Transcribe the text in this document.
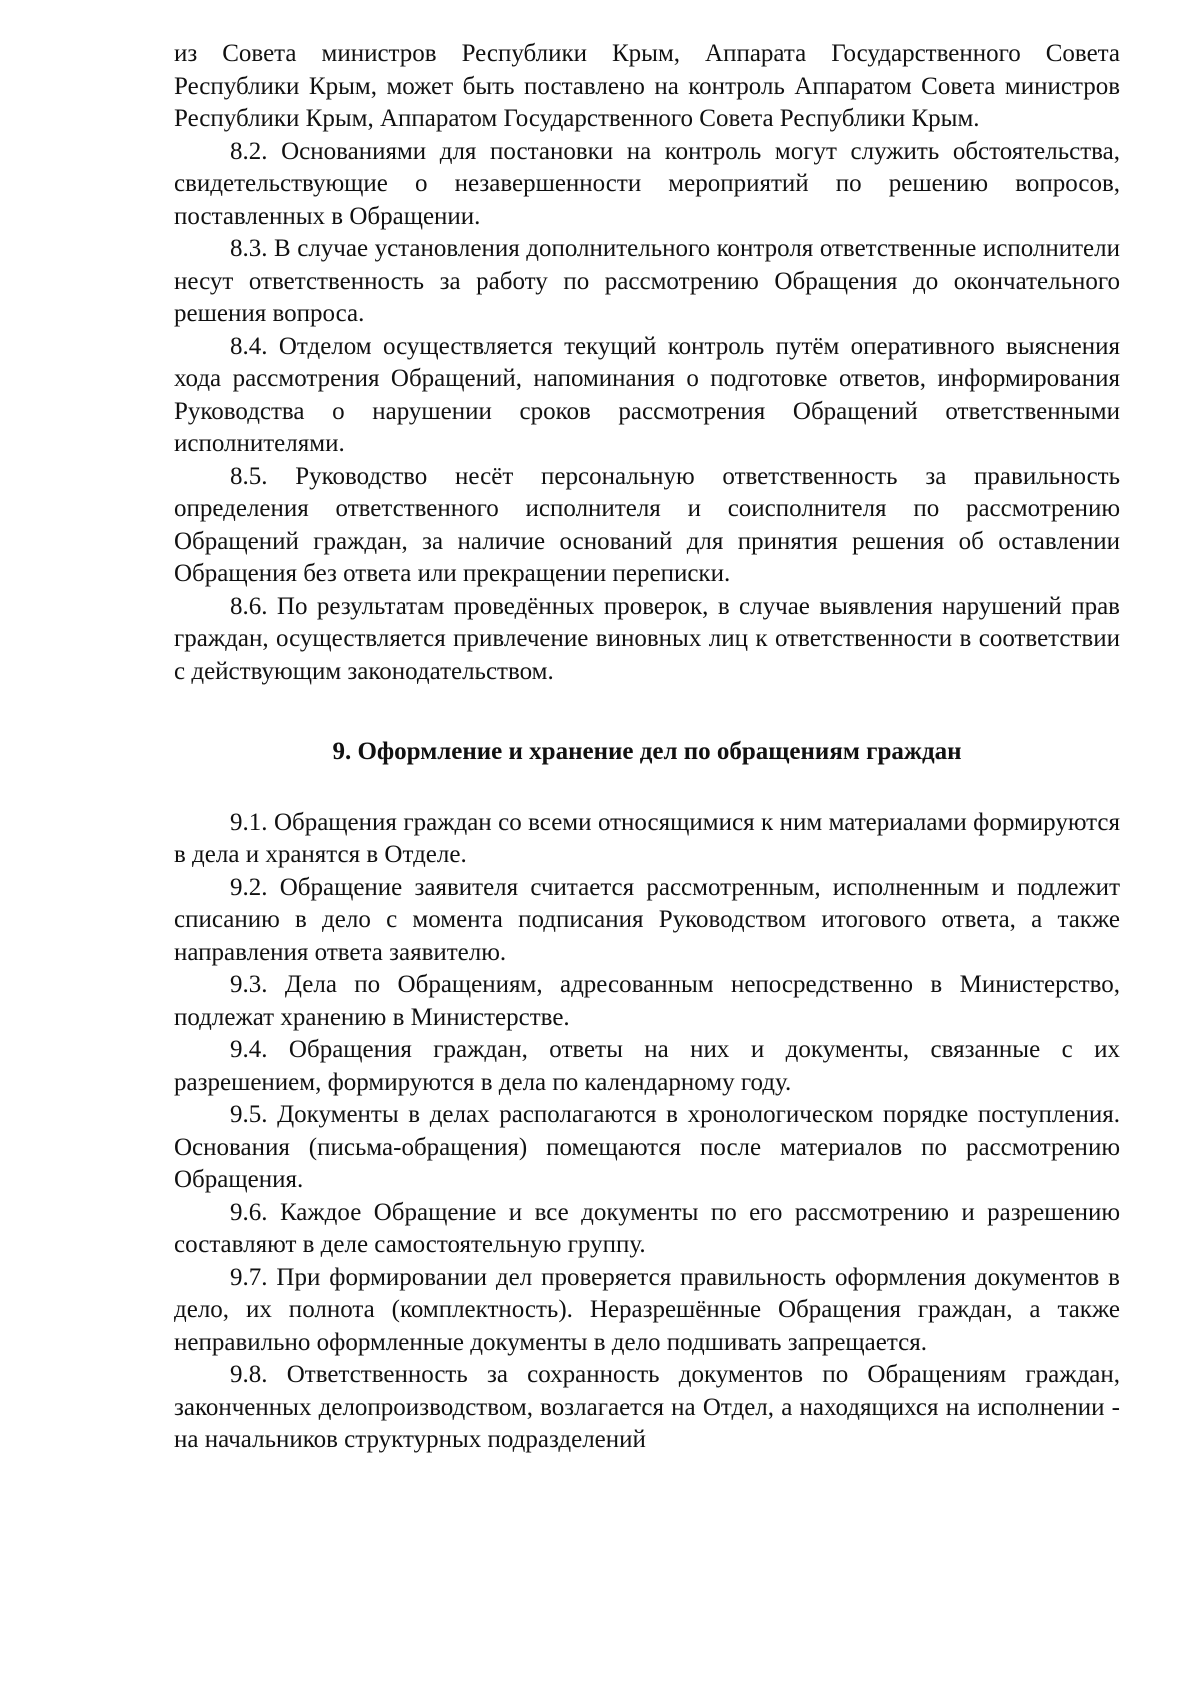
из Совета министров Республики Крым, Аппарата Государственного Совета Республики Крым, может быть поставлено на контроль Аппаратом Совета министров Республики Крым, Аппаратом Государственного Совета Республики Крым.

8.2. Основаниями для постановки на контроль могут служить обстоятельства, свидетельствующие о незавершенности мероприятий по решению вопросов, поставленных в Обращении.

8.3. В случае установления дополнительного контроля ответственные исполнители несут ответственность за работу по рассмотрению Обращения до окончательного решения вопроса.

8.4. Отделом осуществляется текущий контроль путём оперативного выяснения хода рассмотрения Обращений, напоминания о подготовке ответов, информирования Руководства о нарушении сроков рассмотрения Обращений ответственными исполнителями.

8.5. Руководство несёт персональную ответственность за правильность определения ответственного исполнителя и соисполнителя по рассмотрению Обращений граждан, за наличие оснований для принятия решения об оставлении Обращения без ответа или прекращении переписки.

8.6. По результатам проведённых проверок, в случае выявления нарушений прав граждан, осуществляется привлечение виновных лиц к ответственности в соответствии с действующим законодательством.

9. Оформление и хранение дел по обращениям граждан

9.1. Обращения граждан со всеми относящимися к ним материалами формируются в дела и хранятся в Отделе.

9.2. Обращение заявителя считается рассмотренным, исполненным и подлежит списанию в дело с момента подписания Руководством итогового ответа, а также направления ответа заявителю.

9.3. Дела по Обращениям, адресованным непосредственно в Министерство, подлежат хранению в Министерстве.

9.4. Обращения граждан, ответы на них и документы, связанные с их разрешением, формируются в дела по календарному году.

9.5. Документы в делах располагаются в хронологическом порядке поступления. Основания (письма-обращения) помещаются после материалов по рассмотрению Обращения.

9.6. Каждое Обращение и все документы по его рассмотрению и разрешению составляют в деле самостоятельную группу.

9.7. При формировании дел проверяется правильность оформления документов в дело, их полнота (комплектность). Неразрешённые Обращения граждан, а также неправильно оформленные документы в дело подшивать запрещается.

9.8. Ответственность за сохранность документов по Обращениям граждан, законченных делопроизводством, возлагается на Отдел, а находящихся на исполнении - на начальников структурных подразделений
